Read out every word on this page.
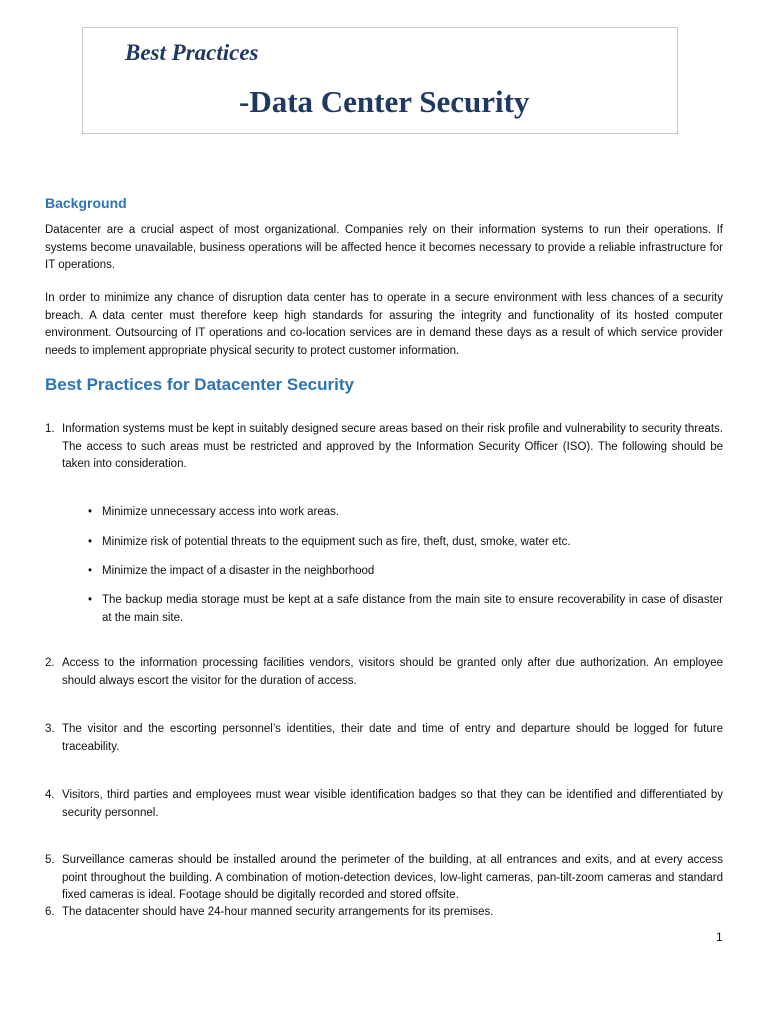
Best Practices
-Data Center Security
Background

Datacenter are a crucial aspect of most organizational. Companies rely on their information systems to run their operations. If systems become unavailable, business operations will be affected hence it becomes necessary to provide a reliable infrastructure for IT operations.

In order to minimize any chance of disruption data center has to operate in a secure environment with less chances of a security breach. A data center must therefore keep high standards for assuring the integrity and functionality of its hosted computer environment. Outsourcing of IT operations and co-location services are in demand these days as a result of which service provider needs to implement appropriate physical security to protect customer information.

Best Practices for Datacenter Security
1. Information systems must be kept in suitably designed secure areas based on their risk profile and vulnerability to security threats. The access to such areas must be restricted and approved by the Information Security Officer (ISO). The following should be taken into consideration.
• Minimize unnecessary access into work areas.
• Minimize risk of potential threats to the equipment such as fire, theft, dust, smoke, water etc.
• Minimize the impact of a disaster in the neighborhood
• The backup media storage must be kept at a safe distance from the main site to ensure recoverability in case of disaster at the main site.
2. Access to the information processing facilities vendors, visitors should be granted only after due authorization. An employee should always escort the visitor for the duration of access.
3. The visitor and the escorting personnel’s identities, their date and time of entry and departure should be logged for future traceability.
4. Visitors, third parties and employees must wear visible identification badges so that they can be identified and differentiated by security personnel.
5. Surveillance cameras should be installed around the perimeter of the building, at all entrances and exits, and at every access point throughout the building. A combination of motion-detection devices, low-light cameras, pan-tilt-zoom cameras and standard fixed cameras is ideal. Footage should be digitally recorded and stored offsite.
6. The datacenter should have 24-hour manned security arrangements for its premises.
1
